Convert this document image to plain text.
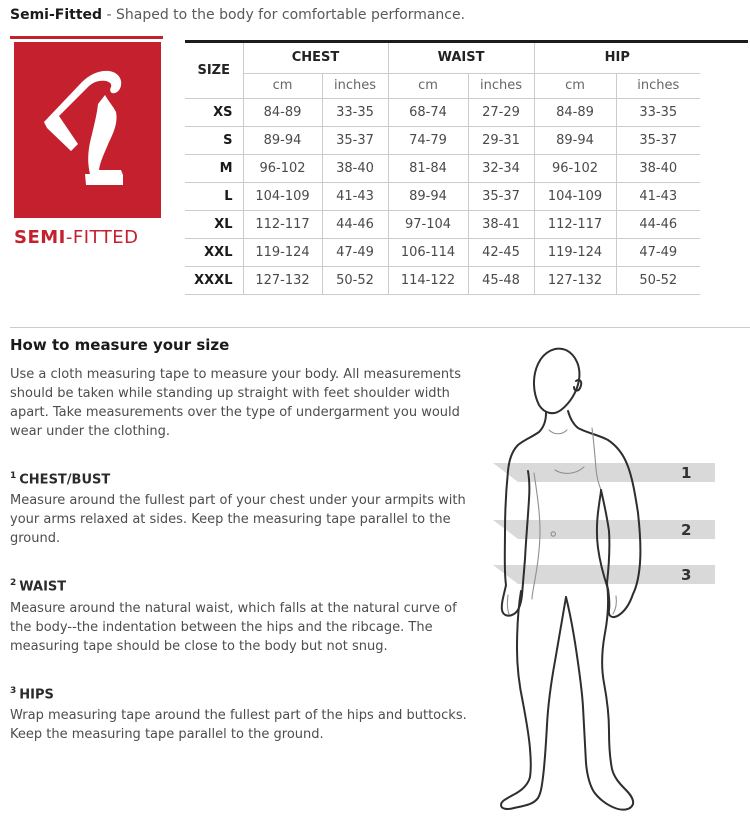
Semi-Fitted - Shaped to the body for comfortable performance.
SEMI-FITTED
SIZE	CHEST		WAIST		HIP	
	cm	inches	cm	inches	cm	inches
XS	84-89	33-35	68-74	27-29	84-89	33-35
S	89-94	35-37	74-79	29-31	89-94	35-37
M	96-102	38-40	81-84	32-34	96-102	38-40
L	104-109	41-43	89-94	35-37	104-109	41-43
XL	112-117	44-46	97-104	38-41	112-117	44-46
XXL	119-124	47-49	106-114	42-45	119-124	47-49
XXXL	127-132	50-52	114-122	45-48	127-132	50-52
How to measure your size

Use a cloth measuring tape to measure your body. All measurements should be taken while standing up straight with feet shoulder width apart. Take measurements over the type of undergarment you would wear under the clothing.

$^1$ CHEST/BUST

Measure around the fullest part of your chest under your armpits with your arms relaxed at sides. Keep the measuring tape parallel to the ground.

$^2$ WAIST

Measure around the natural waist, which falls at the natural curve of the body--the indentation between the hips and the ribcage. The measuring tape should be close to the body but not snug.

$^3$ HIPS

Wrap measuring tape around the fullest part of the hips and buttocks. Keep the measuring tape parallel to the ground.

1
2
3
